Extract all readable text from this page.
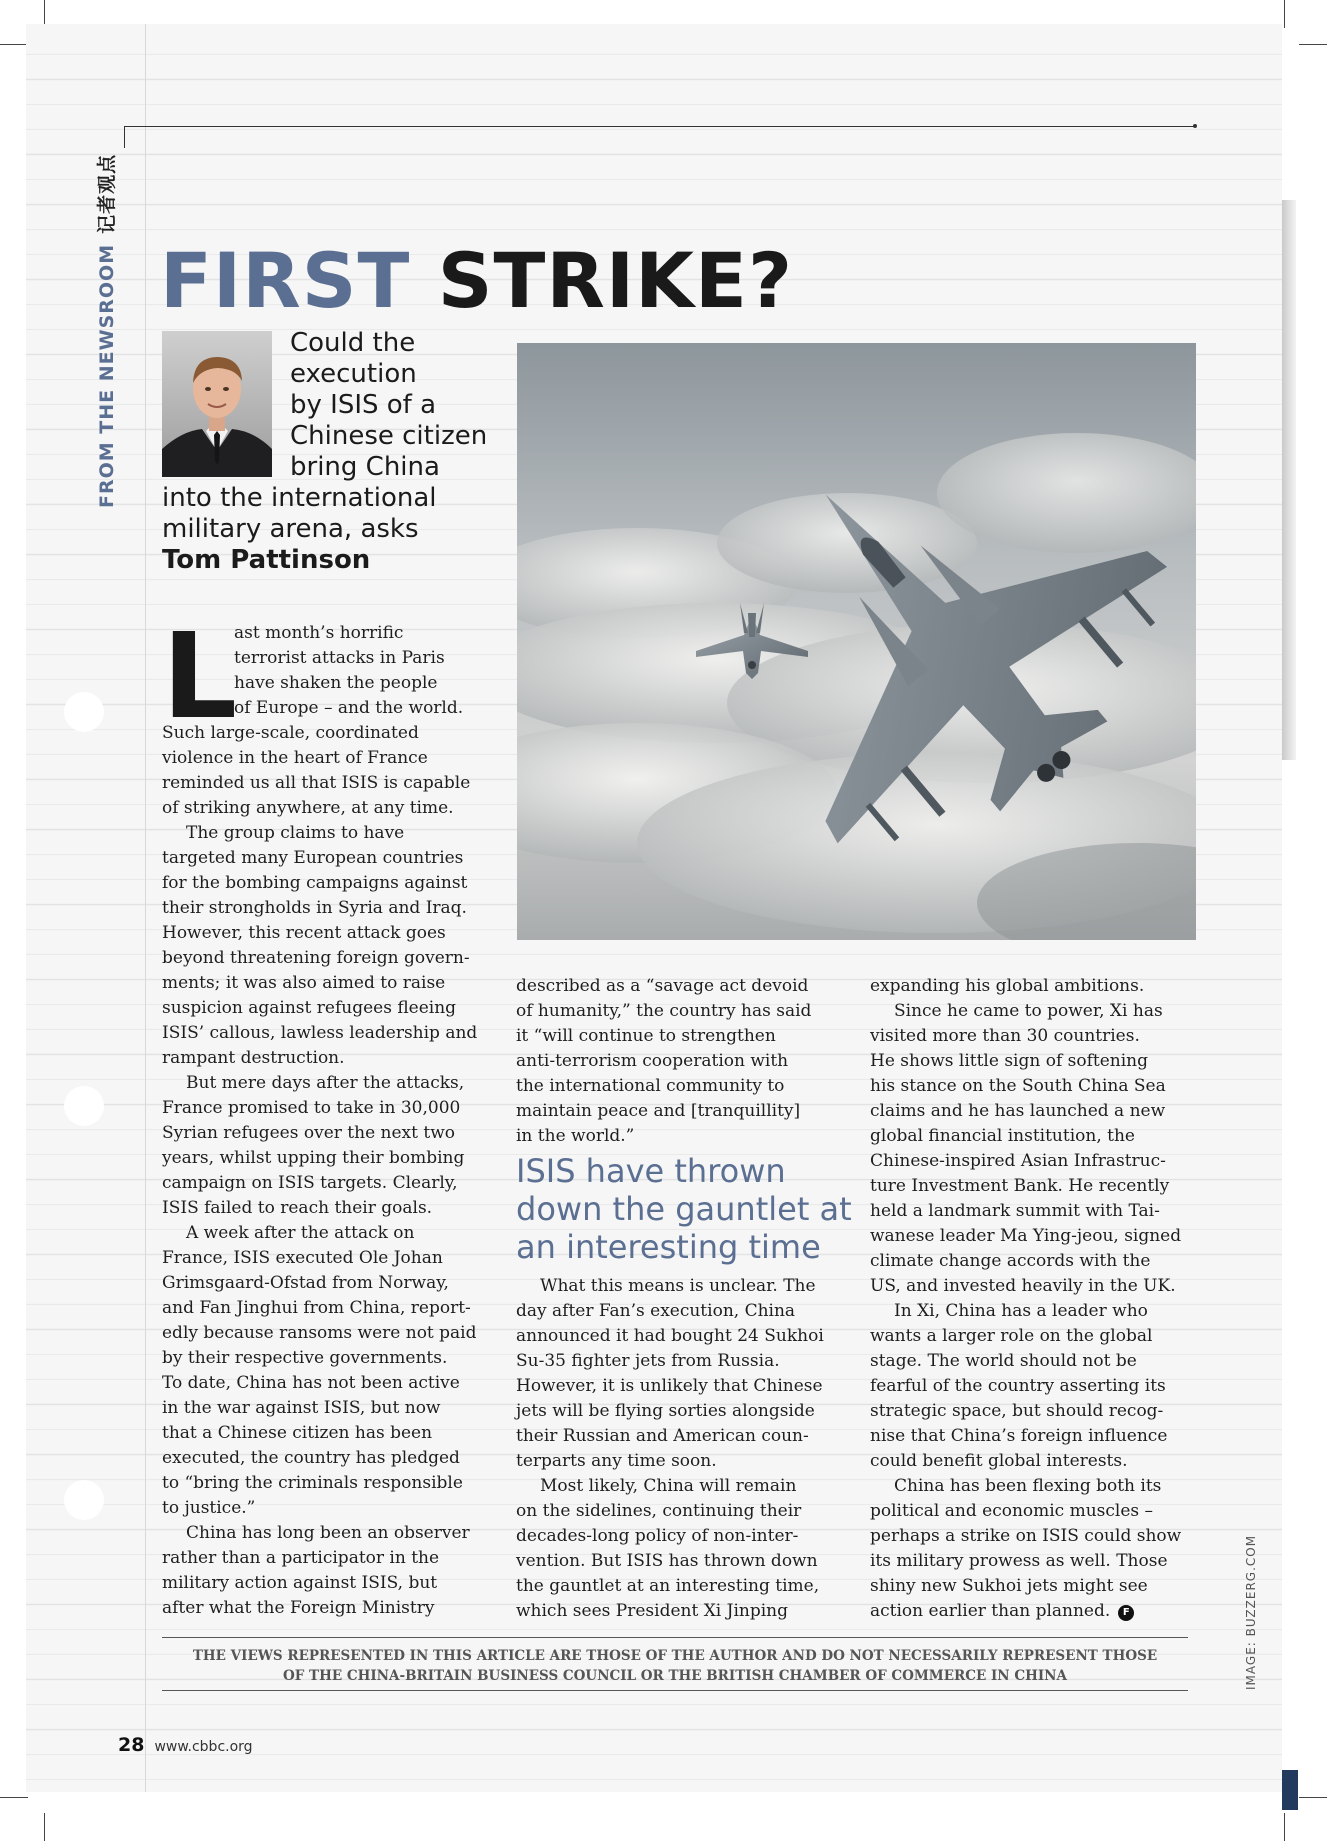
FROM THE NEWSROOM记者观点
FIRST STRIKE?
Could the
execution
by ISIS of a
Chinese citizen
bring China
into the international
military arena, asks
Tom Pattinson
L
ast month’s horrific
terrorist attacks in Paris
have shaken the people
of Europe – and the world.
Such large-scale, coordinated
violence in the heart of France
reminded us all that ISIS is capable
of striking anywhere, at any time.
The group claims to have
targeted many European countries
for the bombing campaigns against
their strongholds in Syria and Iraq.
However, this recent attack goes
beyond threatening foreign govern-
ments; it was also aimed to raise
suspicion against refugees fleeing
ISIS’ callous, lawless leadership and
rampant destruction.
But mere days after the attacks,
France promised to take in 30,000
Syrian refugees over the next two
years, whilst upping their bombing
campaign on ISIS targets. Clearly,
ISIS failed to reach their goals.
A week after the attack on
France, ISIS executed Ole Johan
Grimsgaard-Ofstad from Norway,
and Fan Jinghui from China, report-
edly because ransoms were not paid
by their respective governments.
To date, China has not been active
in the war against ISIS, but now
that a Chinese citizen has been
executed, the country has pledged
to “bring the criminals responsible
to justice.”
China has long been an observer
rather than a participator in the
military action against ISIS, but
after what the Foreign Ministry
described as a “savage act devoid
of humanity,” the country has said
it “will continue to strengthen
anti-terrorism cooperation with
the international community to
maintain peace and [tranquillity]
in the world.”
ISIS have thrown
down the gauntlet at
an interesting time
What this means is unclear. The
day after Fan’s execution, China
announced it had bought 24 Sukhoi
Su-35 fighter jets from Russia.
However, it is unlikely that Chinese
jets will be flying sorties alongside
their Russian and American coun-
terparts any time soon.
Most likely, China will remain
on the sidelines, continuing their
decades-long policy of non-inter-
vention. But ISIS has thrown down
the gauntlet at an interesting time,
which sees President Xi Jinping
expanding his global ambitions.
Since he came to power, Xi has
visited more than 30 countries.
He shows little sign of softening
his stance on the South China Sea
claims and he has launched a new
global financial institution, the
Chinese-inspired Asian Infrastruc-
ture Investment Bank. He recently
held a landmark summit with Tai-
wanese leader Ma Ying-jeou, signed
climate change accords with the
US, and invested heavily in the UK.
In Xi, China has a leader who
wants a larger role on the global
stage. The world should not be
fearful of the country asserting its
strategic space, but should recog-
nise that China’s foreign influence
could benefit global interests.
China has been flexing both its
political and economic muscles –
perhaps a strike on ISIS could show
its military prowess as well. Those
shiny new Sukhoi jets might see
action earlier than planned. F
THE VIEWS REPRESENTED IN THIS ARTICLE ARE THOSE OF THE AUTHOR AND DO NOT NECESSARILY REPRESENT THOSE
OF THE CHINA-BRITAIN BUSINESS COUNCIL OR THE BRITISH CHAMBER OF COMMERCE IN CHINA	IMAGE: BUZZERG.COM
28 www.cbbc.org
